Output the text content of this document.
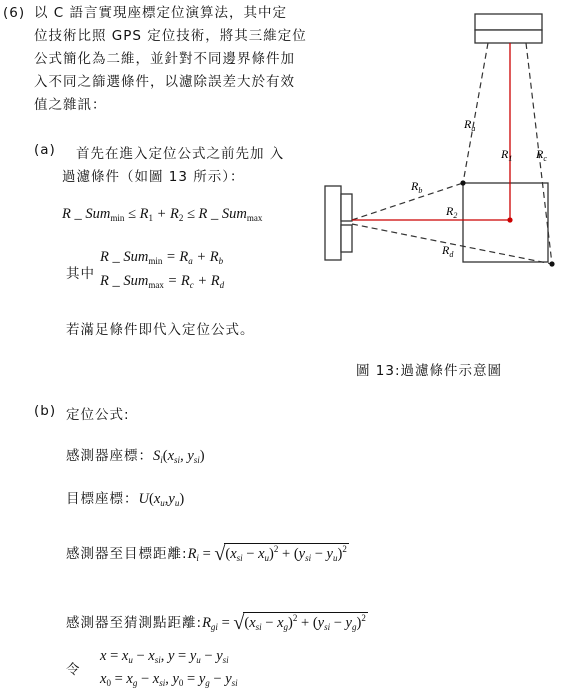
(6) 以 C 語言實現座標定位演算法，其中定
位技術比照 GPS 定位技術，將其三維定位
公式簡化為二維，並針對不同邊界條件加
入不同之篩選條件，以濾除誤差大於有效
值之雜訊：
(a) 首先在進入定位公式之前先加 入
過濾條件（如圖 13 所示）：
R _ $Sum_{min} \le R_1 + R_2 \le R$ _ Sum$_{max}$
其中
R _ $Sum_{min} = R_a + R_b$
R _ $Sum_{max} = R_c + R_d$
若滿足條件即代入定位公式。
$R_a$
$R_1$ $R_c$
$R_b$
$R_2$
$R_d$
圖 13:過濾條件示意圖
(b) 定位公式:
感測器座標：$S_i(x_{si}$, $y_{si}$)
目標座標：$U(x_u,y_u)$
感測器至目標距離$:R_i = √(x_{si} - x_u)^2 + (y_{si} - y_u)^2$
感測器至猜測點距離$:R_{gi} = √(x_{si} - x_g)^2 + (y_{si} - y_g)^2$
令
$x = x_u - x_{si}$, $y = y_u - y_{si}$
$x_0 = x_g - x_{si}$, $y_0 = y_g - y_{si}$
